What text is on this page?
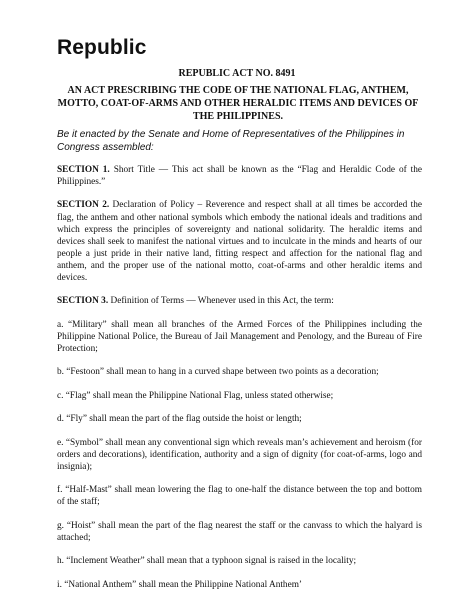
Republic
REPUBLIC ACT NO. 8491
AN ACT PRESCRIBING THE CODE OF THE NATIONAL FLAG, ANTHEM, MOTTO, COAT-OF-ARMS AND OTHER HERALDIC ITEMS AND DEVICES OF THE PHILIPPINES.
Be it enacted by the Senate and Home of Representatives of the Philippines in Congress assembled:

SECTION 1. Short Title — This act shall be known as the “Flag and Heraldic Code of the Philippines.”

SECTION 2. Declaration of Policy – Reverence and respect shall at all times be accorded the flag, the anthem and other national symbols which embody the national ideals and traditions and which express the principles of sovereignty and national solidarity. The heraldic items and devices shall seek to manifest the national virtues and to inculcate in the minds and hearts of our people a just pride in their native land, fitting respect and affection for the national flag and anthem, and the proper use of the national motto, coat-of-arms and other heraldic items and devices.

SECTION 3. Definition of Terms — Whenever used in this Act, the term:

a. “Military” shall mean all branches of the Armed Forces of the Philippines including the Philippine National Police, the Bureau of Jail Management and Penology, and the Bureau of Fire Protection;

b. “Festoon” shall mean to hang in a curved shape between two points as a decoration;

c. “Flag” shall mean the Philippine National Flag, unless stated otherwise;

d. “Fly” shall mean the part of the flag outside the hoist or length;

e. “Symbol” shall mean any conventional sign which reveals man’s achievement and heroism (for orders and decorations), identification, authority and a sign of dignity (for coat-of-arms, logo and insignia);

f. “Half-Mast” shall mean lowering the flag to one-half the distance between the top and bottom of the staff;

g. “Hoist” shall mean the part of the flag nearest the staff or the canvass to which the halyard is attached;

h. “Inclement Weather” shall mean that a typhoon signal is raised in the locality;

i. “National Anthem” shall mean the Philippine National Anthem’
